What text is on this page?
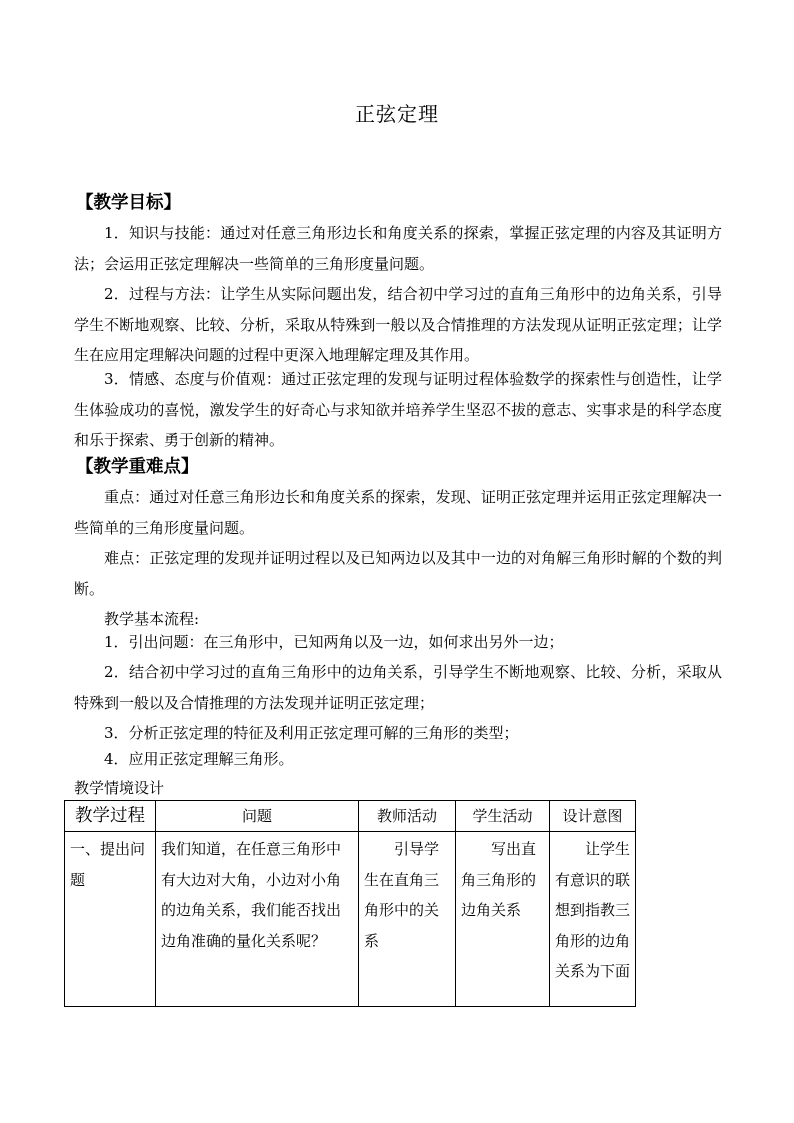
正弦定理
【教学目标】
1．知识与技能：通过对任意三角形边长和角度关系的探索，掌握正弦定理的内容及其证明方法；会运用正弦定理解决一些简单的三角形度量问题。
2．过程与方法：让学生从实际问题出发，结合初中学习过的直角三角形中的边角关系，引导学生不断地观察、比较、分析，采取从特殊到一般以及合情推理的方法发现从证明正弦定理；让学生在应用定理解决问题的过程中更深入地理解定理及其作用。
3．情感、态度与价值观：通过正弦定理的发现与证明过程体验数学的探索性与创造性，让学生体验成功的喜悦，激发学生的好奇心与求知欲并培养学生坚忍不拔的意志、实事求是的科学态度和乐于探索、勇于创新的精神。
【教学重难点】
重点：通过对任意三角形边长和角度关系的探索，发现、证明正弦定理并运用正弦定理解决一些简单的三角形度量问题。
难点：正弦定理的发现并证明过程以及已知两边以及其中一边的对角解三角形时解的个数的判断。
教学基本流程:
1．引出问题：在三角形中，已知两角以及一边，如何求出另外一边；
2．结合初中学习过的直角三角形中的边角关系，引导学生不断地观察、比较、分析，采取从特殊到一般以及合情推理的方法发现并证明正弦定理；
3．分析正弦定理的特征及利用正弦定理可解的三角形的类型；
4．应用正弦定理解三角形。
教学情境设计
教学过程	问题	教师活动	学生活动	设计意图
一、提出问题	我们知道，在任意三角形中有大边对大角，小边对小角的边角关系，我们能否找出边角准确的量化关系呢？	引导学生在直角三角形中的关系	写出直角三角形的边角关系	让学生有意识的联想到指教三角形的边角关系为下面
